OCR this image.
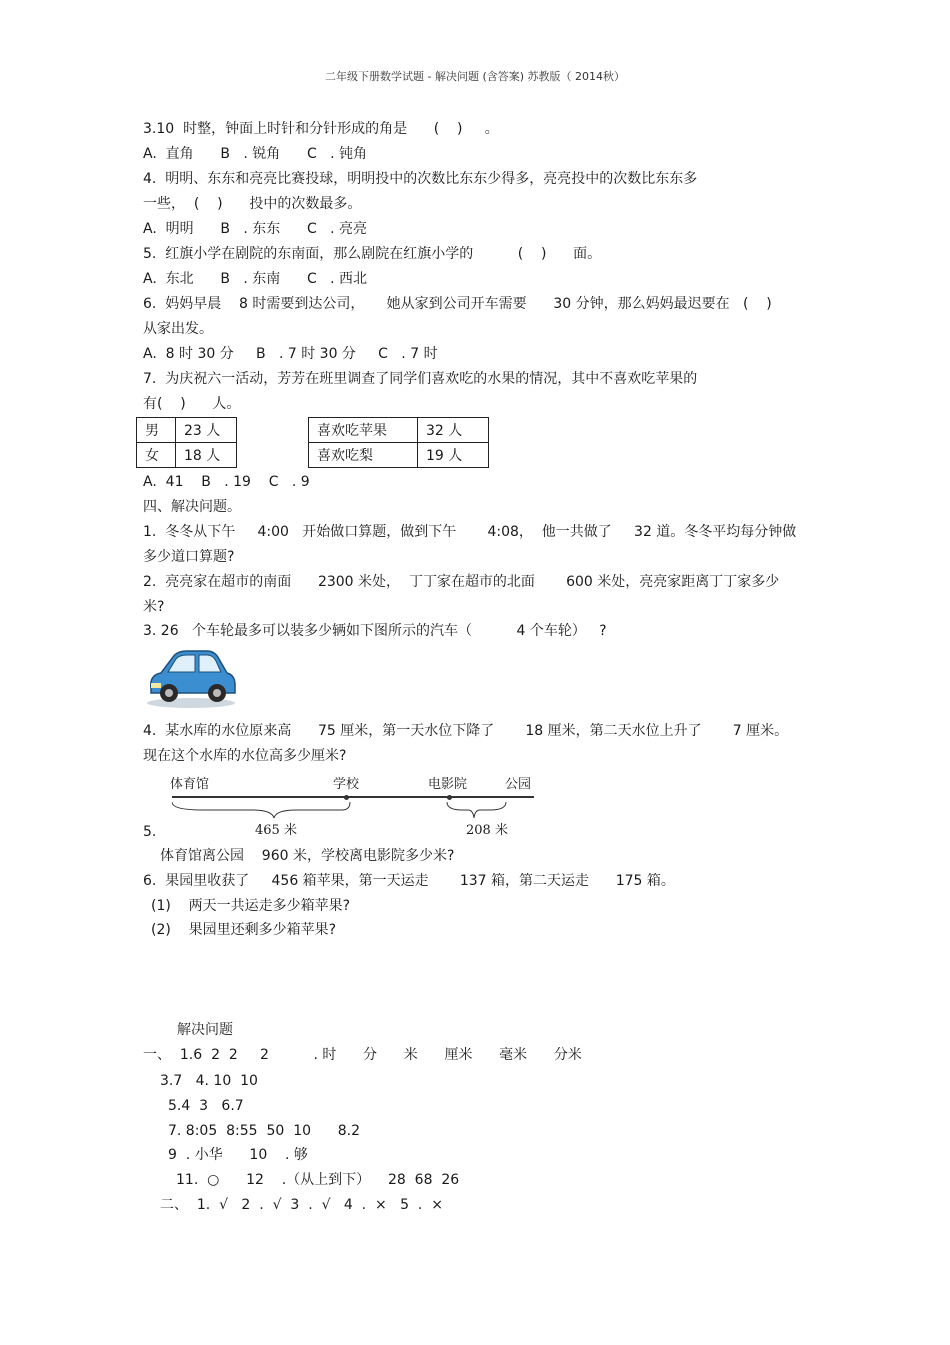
二年级下册数学试题 - 解决问题 (含答案) 苏教版（ 2014秋）
3.10  时整，钟面上时针和分针形成的角是      (    )     。
A.  直角      B   . 锐角      C   . 钝角
4.  明明、东东和亮亮比赛投球，明明投中的次数比东东少得多，亮亮投中的次数比东东多
一些，  (    )      投中的次数最多。
A.  明明      B   . 东东      C   . 亮亮
5.  红旗小学在剧院的东南面，那么剧院在红旗小学的          (    )      面。
A.  东北      B   . 东南      C   . 西北
6.  妈妈早晨    8 时需要到达公司，     她从家到公司开车需要      30 分钟，那么妈妈最迟要在   (    )
从家出发。
A.  8 时 30 分     B   . 7 时 30 分     C   . 7 时
7.  为庆祝六一活动，芳芳在班里调查了同学们喜欢吃的水果的情况，其中不喜欢吃苹果的
有(    )      人。
男	23 人
女	18 人
喜欢吃苹果	32 人
喜欢吃梨	19 人
A.  41    B   . 19    C   . 9
四、解决问题。
1.  冬冬从下午     4:00   开始做口算题，做到下午       4:08，  他一共做了     32 道。冬冬平均每分钟做
多少道口算题?
2.  亮亮家在超市的南面      2300 米处，  丁丁家在超市的北面       600 米处，亮亮家距离丁丁家多少
米?
3. 26   个车轮最多可以装多少辆如下图所示的汽车（          4 个车轮）   ?
4.  某水库的水位原来高      75 厘米，第一天水位下降了       18 厘米，第二天水位上升了       7 厘米。
现在这个水库的水位高多少厘米?
体育馆	学校	电影院	公园
465 米	208 米
5.
体育馆离公园    960 米，学校离电影院多少米?
6.  果园里收获了     456 箱苹果，第一天运走       137 箱，第二天运走      175 箱。
(1)    两天一共运走多少箱苹果?
(2)    果园里还剩多少箱苹果?
解决问题
一、  1.6  2  2     2          . 时      分      米      厘米      毫米      分米
3.7   4. 10  10
5.4  3   6.7
7. 8:05  8:55  50  10      8.2
9  . 小华      10    . 够
11.  ○      12    .（从上到下）    28  68  26
二、  1.  √   2  .  √  3  .  √   4  .  ×   5  .  ×
